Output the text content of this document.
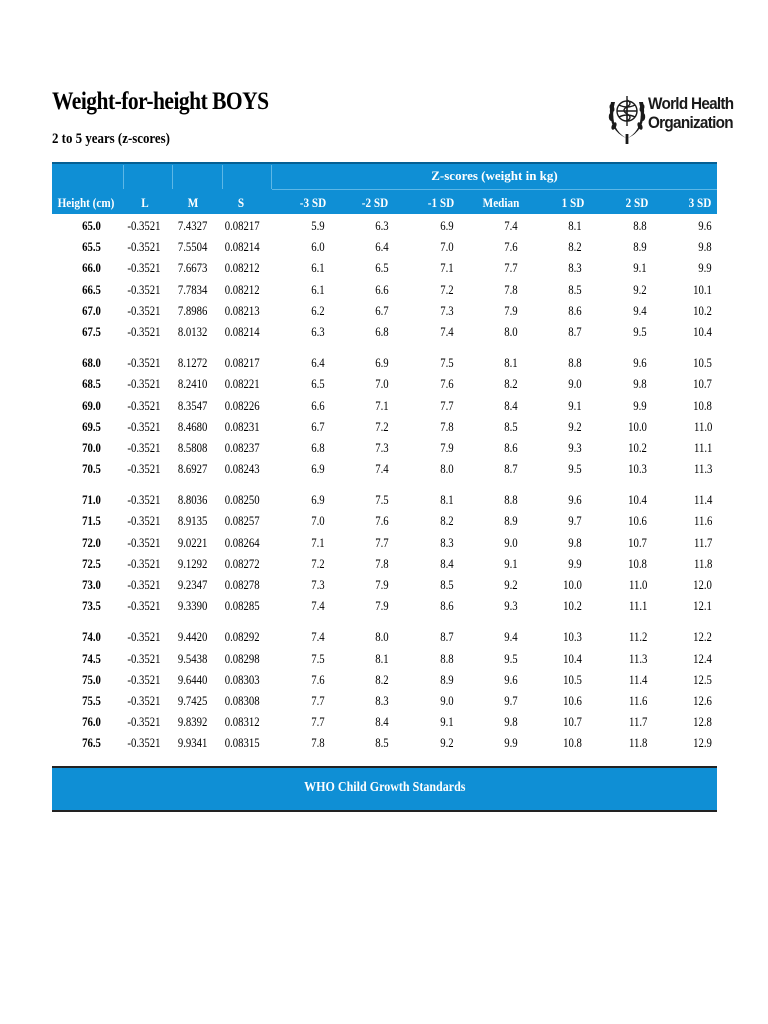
Weight-for-height BOYS
2 to 5 years (z-scores)
World Health
Organization
Z-scores (weight in kg)
Height (cm)	L	M	S	-3 SD	-2 SD	-1 SD	Median	1 SD	2 SD	3 SD
65.0 -0.3521 7.4327 0.08217	5.9	6.3	6.9	7.4	8.1	8.8	9.6
65.5 -0.3521 7.5504 0.08214	6.0	6.4	7.0	7.6	8.2	8.9	9.8
66.0 -0.3521 7.6673 0.08212	6.1	6.5	7.1	7.7	8.3	9.1	9.9
66.5 -0.3521 7.7834 0.08212	6.1	6.6	7.2	7.8	8.5	9.2	10.1
67.0 -0.3521 7.8986 0.08213	6.2	6.7	7.3	7.9	8.6	9.4	10.2
67.5 -0.3521 8.0132 0.08214	6.3	6.8	7.4	8.0	8.7	9.5	10.4
68.0 -0.3521 8.1272 0.08217	6.4	6.9	7.5	8.1	8.8	9.6	10.5
68.5 -0.3521 8.2410 0.08221	6.5	7.0	7.6	8.2	9.0	9.8	10.7
69.0 -0.3521 8.3547 0.08226	6.6	7.1	7.7	8.4	9.1	9.9	10.8
69.5 -0.3521 8.4680 0.08231	6.7	7.2	7.8	8.5	9.2	10.0	11.0
70.0 -0.3521 8.5808 0.08237	6.8	7.3	7.9	8.6	9.3	10.2	11.1
70.5 -0.3521 8.6927 0.08243	6.9	7.4	8.0	8.7	9.5	10.3	11.3
71.0 -0.3521 8.8036 0.08250	6.9	7.5	8.1	8.8	9.6	10.4	11.4
71.5 -0.3521 8.9135 0.08257	7.0	7.6	8.2	8.9	9.7	10.6	11.6
72.0 -0.3521 9.0221 0.08264	7.1	7.7	8.3	9.0	9.8	10.7	11.7
72.5 -0.3521 9.1292 0.08272	7.2	7.8	8.4	9.1	9.9	10.8	11.8
73.0 -0.3521 9.2347 0.08278	7.3	7.9	8.5	9.2	10.0	11.0	12.0
73.5 -0.3521 9.3390 0.08285	7.4	7.9	8.6	9.3	10.2	11.1	12.1
74.0 -0.3521 9.4420 0.08292	7.4	8.0	8.7	9.4	10.3	11.2	12.2
74.5 -0.3521 9.5438 0.08298	7.5	8.1	8.8	9.5	10.4	11.3	12.4
75.0 -0.3521 9.6440 0.08303	7.6	8.2	8.9	9.6	10.5	11.4	12.5
75.5 -0.3521 9.7425 0.08308	7.7	8.3	9.0	9.7	10.6	11.6	12.6
76.0 -0.3521 9.8392 0.08312	7.7	8.4	9.1	9.8	10.7	11.7	12.8
76.5 -0.3521 9.9341 0.08315	7.8	8.5	9.2	9.9	10.8	11.8	12.9
WHO Child Growth Standards
